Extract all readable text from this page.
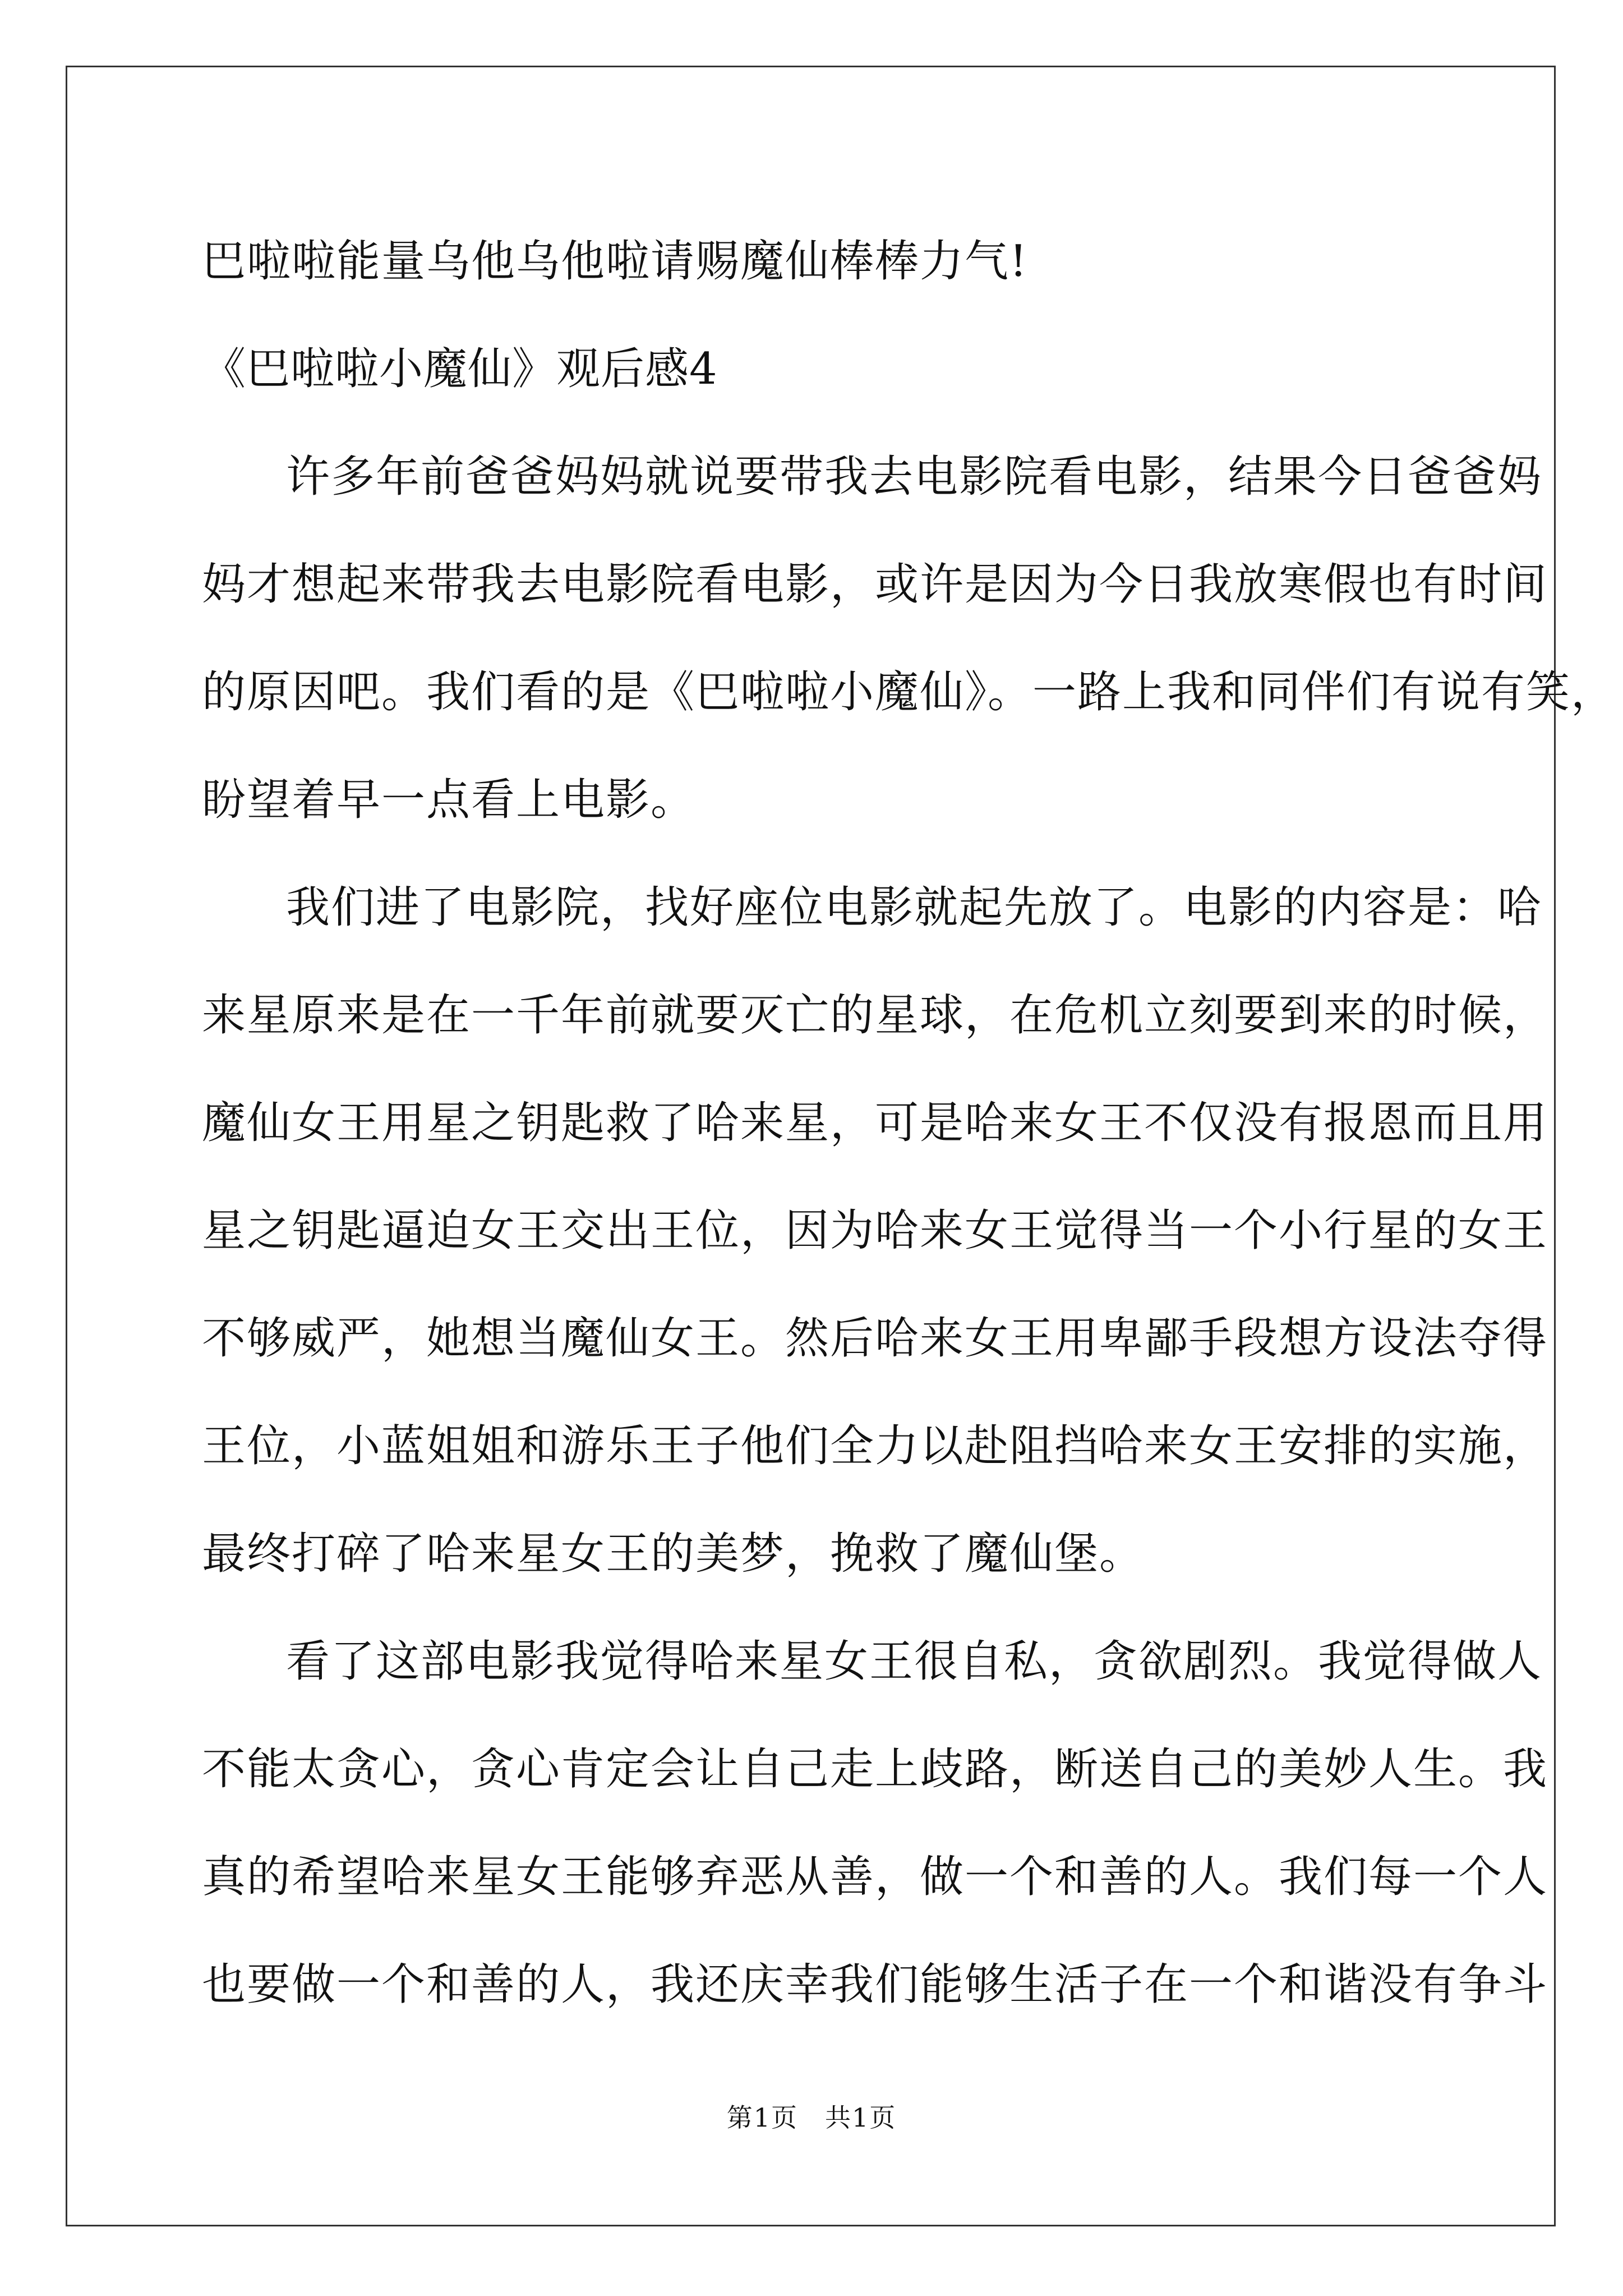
巴啦啦能量乌他乌他啦请赐魔仙棒棒力气!
《巴啦啦小魔仙》观后感4
许多年前爸爸妈妈就说要带我去电影院看电影，结果今日爸爸妈
妈才想起来带我去电影院看电影，或许是因为今日我放寒假也有时间
的原因吧。我们看的是《巴啦啦小魔仙》。一路上我和同伴们有说有笑，
盼望着早一点看上电影。
我们进了电影院，找好座位电影就起先放了。电影的内容是：哈
来星原来是在一千年前就要灭亡的星球，在危机立刻要到来的时候，
魔仙女王用星之钥匙救了哈来星，可是哈来女王不仅没有报恩而且用
星之钥匙逼迫女王交出王位，因为哈来女王觉得当一个小行星的女王
不够威严，她想当魔仙女王。然后哈来女王用卑鄙手段想方设法夺得
王位，小蓝姐姐和游乐王子他们全力以赴阻挡哈来女王安排的实施，
最终打碎了哈来星女王的美梦，挽救了魔仙堡。
看了这部电影我觉得哈来星女王很自私，贪欲剧烈。我觉得做人
不能太贪心，贪心肯定会让自己走上歧路，断送自己的美妙人生。我
真的希望哈来星女王能够弃恶从善，做一个和善的人。我们每一个人
也要做一个和善的人，我还庆幸我们能够生活子在一个和谐没有争斗
第1页　共1页
